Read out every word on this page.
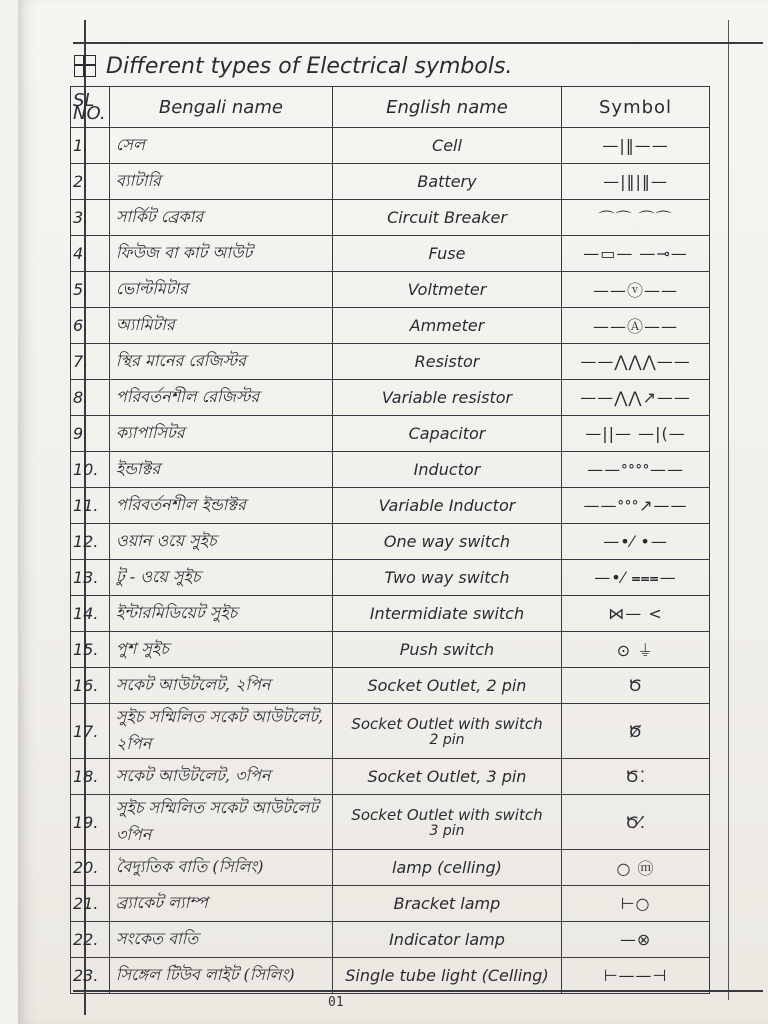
Different types of Electrical symbols.
SL NO.	Bengali name	English name	Symbol
1.	সেল	Cell	—|‖——
2.	ব্যাটারি	Battery	—|‖|‖—
3.	সার্কিট ব্রেকার	Circuit Breaker	⌒⌒ ⌒⌒
4.	ফিউজ বা কাট আউট	Fuse	—▭— —⊸—
5.	ভোল্টমিটার	Voltmeter	——ⓥ——
6.	অ্যামিটার	Ammeter	——Ⓐ——
7.	স্থির মানের রেজিস্টর	Resistor	——⋀⋀⋀——
8.	পরিবর্তনশীল রেজিস্টর	Variable resistor	——⋀⋀↗——
9.	ক্যাপাসিটর	Capacitor	—||— —|(—
10.	ইন্ডাক্টর	Inductor	——ᐤᐤᐤᐤ——
11.	পরিবর্তনশীল ইন্ডাক্টর	Variable Inductor	——ᐤᐤᐤ↗——
12.	ওয়ান ওয়ে সুইচ	One way switch	—•⁄ •—
13.	টু - ওয়ে সুইচ	Two way switch	—•⁄ ⩶—
14.	ইন্টারমিডিয়েট সুইচ	Intermidiate switch	⋈— <
15.	পুশ সুইচ	Push switch	⊙ ⏚
16.	সকেট আউটলেট, ২পিন	Socket Outlet, 2 pin	Ծ
17.	সুইচ সম্মিলিত সকেট আউটলেট, ২পিন	Socket Outlet with switch
2 pin	Ծ̸
18.	সকেট আউটলেট, ৩পিন	Socket Outlet, 3 pin	Ծ⁚
19.	সুইচ সম্মিলিত সকেট আউটলেট ৩পিন	Socket Outlet with switch
3 pin	Ծ⁚̸
20.	বৈদ্যুতিক বাতি (সিলিং)	lamp (celling)	○ ⓜ
21.	ব্র্যাকেট ল্যাম্প	Bracket lamp	⊢○
22.	সংকেত বাতি	Indicator lamp	—⊗
23.	সিঙ্গেল টিউব লাইট (সিলিং)	Single tube light (Celling)	⊢——⊣
01
